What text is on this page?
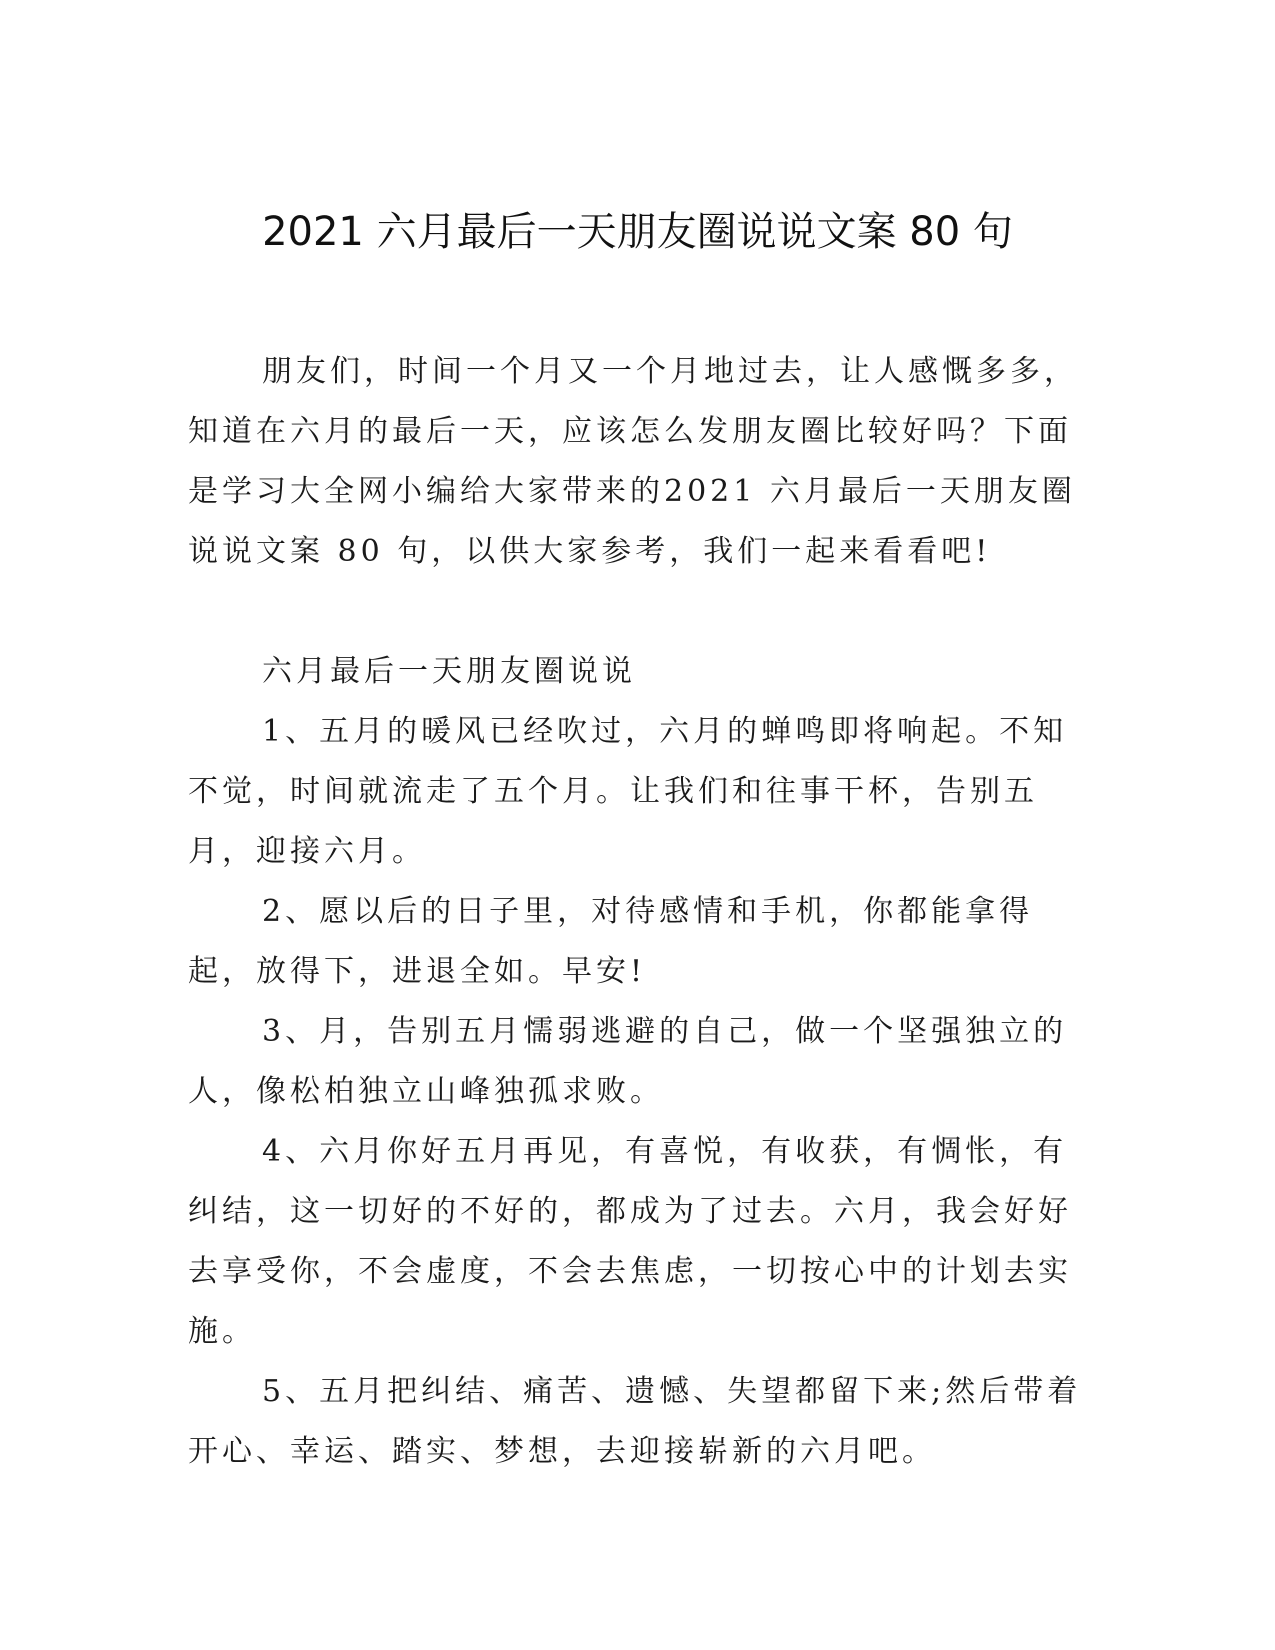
2021 六月最后一天朋友圈说说文案 80 句

朋友们，时间一个月又一个月地过去，让人感慨多多，知道在六月的最后一天，应该怎么发朋友圈比较好吗？下面是学习大全网小编给大家带来的2021 六月最后一天朋友圈说说文案 80 句，以供大家参考，我们一起来看看吧!

六月最后一天朋友圈说说

1、五月的暖风已经吹过，六月的蝉鸣即将响起。不知不觉，时间就流走了五个月。让我们和往事干杯，告别五月，迎接六月。

2、愿以后的日子里，对待感情和手机，你都能拿得起，放得下，进退全如。早安!

3、月，告别五月懦弱逃避的自己，做一个坚强独立的人，像松柏独立山峰独孤求败。

4、六月你好五月再见，有喜悦，有收获，有惆怅，有纠结，这一切好的不好的，都成为了过去。六月，我会好好去享受你，不会虚度，不会去焦虑，一切按心中的计划去实施。

5、五月把纠结、痛苦、遗憾、失望都留下来;然后带着开心、幸运、踏实、梦想，去迎接崭新的六月吧。
